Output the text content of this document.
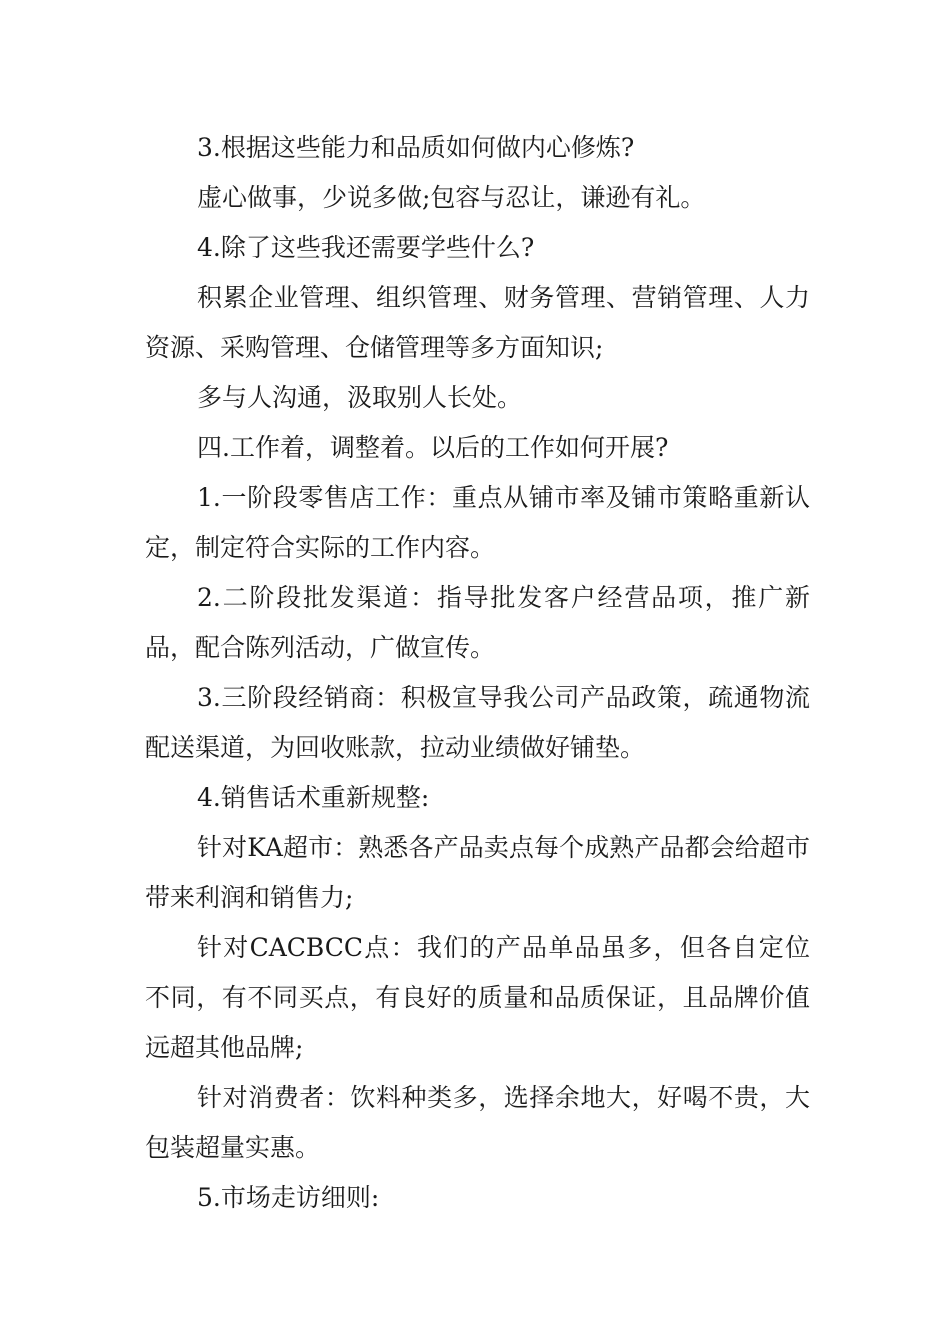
3.根据这些能力和品质如何做内心修炼?

虚心做事，少说多做;包容与忍让，谦逊有礼。

4.除了这些我还需要学些什么?

积累企业管理、组织管理、财务管理、营销管理、人力资源、采购管理、仓储管理等多方面知识;

多与人沟通，汲取别人长处。

四.工作着，调整着。以后的工作如何开展?

1.一阶段零售店工作：重点从铺市率及铺市策略重新认定，制定符合实际的工作内容。

2.二阶段批发渠道：指导批发客户经营品项，推广新品，配合陈列活动，广做宣传。

3.三阶段经销商：积极宣导我公司产品政策，疏通物流配送渠道，为回收账款，拉动业绩做好铺垫。

4.销售话术重新规整:

针对KA超市：熟悉各产品卖点每个成熟产品都会给超市带来利润和销售力;

针对CACBCC点：我们的产品单品虽多，但各自定位不同，有不同买点，有良好的质量和品质保证，且品牌价值远超其他品牌;

针对消费者：饮料种类多，选择余地大，好喝不贵，大包装超量实惠。

5.市场走访细则:
